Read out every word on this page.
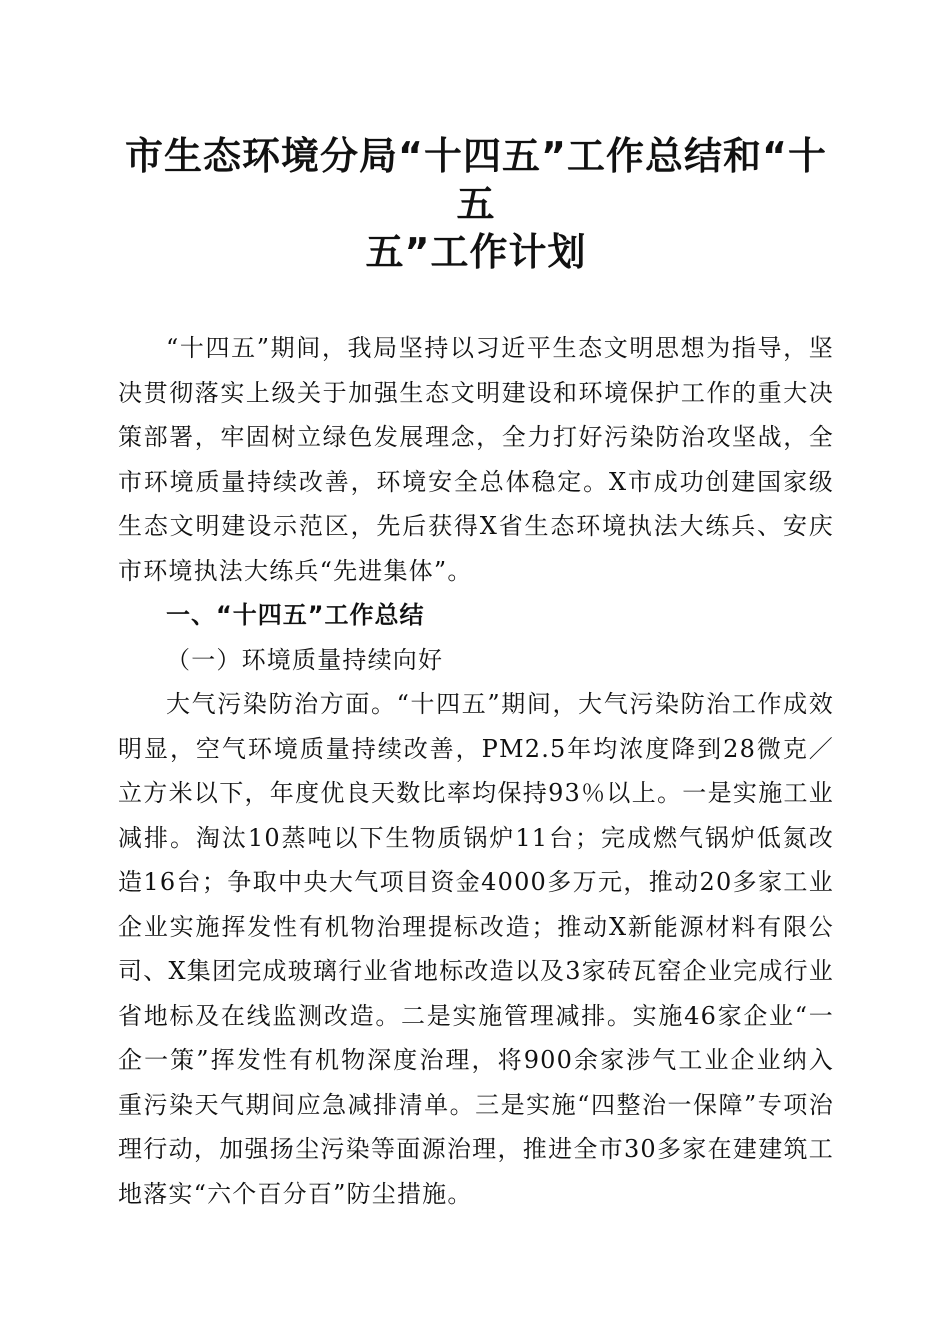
市生态环境分局“十四五”工作总结和“十五
五”工作计划

“十四五”期间，我局坚持以习近平生态文明思想为指导，坚决贯彻落实上级关于加强生态文明建设和环境保护工作的重大决策部署，牢固树立绿色发展理念，全力打好污染防治攻坚战，全市环境质量持续改善，环境安全总体稳定。X市成功创建国家级生态文明建设示范区，先后获得X省生态环境执法大练兵、安庆市环境执法大练兵“先进集体”。

一、“十四五”工作总结

（一）环境质量持续向好

大气污染防治方面。“十四五”期间，大气污染防治工作成效明显，空气环境质量持续改善，PM2.5年均浓度降到28微克／立方米以下，年度优良天数比率均保持93％以上。一是实施工业减排。淘汰10蒸吨以下生物质锅炉11台；完成燃气锅炉低氮改造16台；争取中央大气项目资金4000多万元，推动20多家工业企业实施挥发性有机物治理提标改造；推动X新能源材料有限公司、X集团完成玻璃行业省地标改造以及3家砖瓦窑企业完成行业省地标及在线监测改造。二是实施管理减排。实施46家企业“一企一策”挥发性有机物深度治理，将900余家涉气工业企业纳入重污染天气期间应急减排清单。三是实施“四整治一保障”专项治理行动，加强扬尘污染等面源治理，推进全市30多家在建建筑工地落实“六个百分百”防尘措施。
